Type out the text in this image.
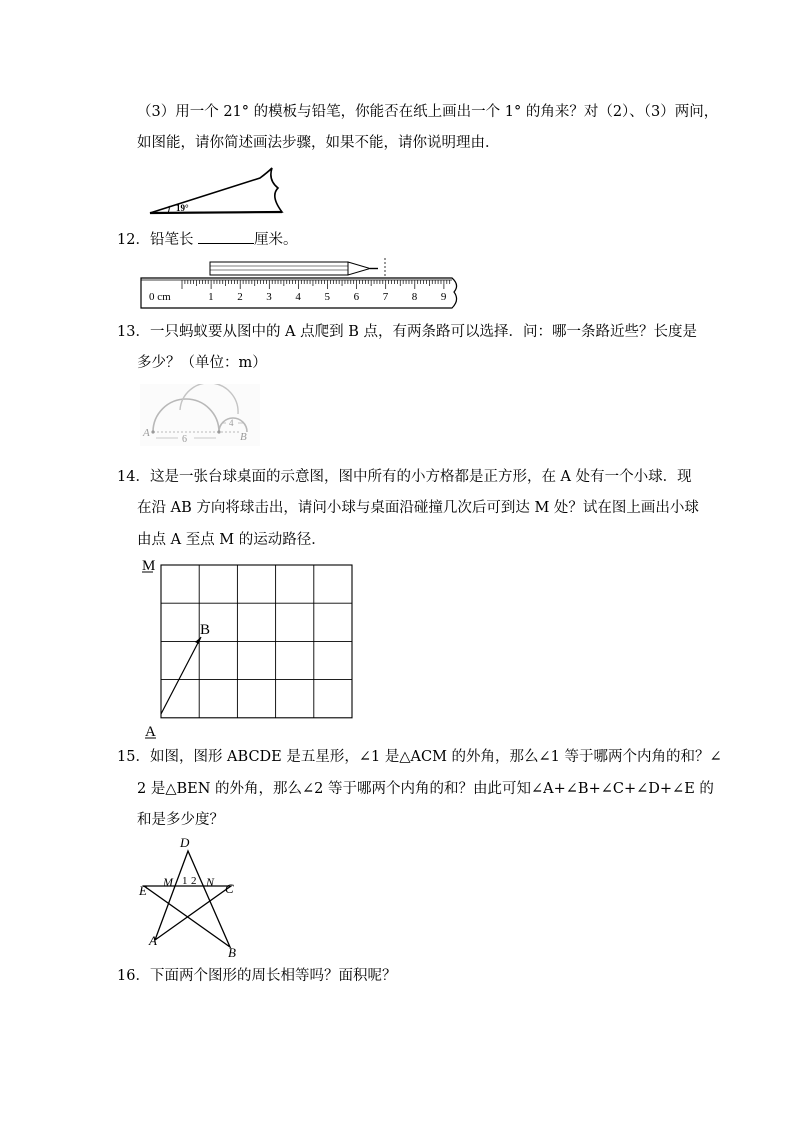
（3）用一个 21° 的模板与铅笔，你能否在纸上画出一个 1° 的角来？对（2）、（3）两问，
如图能，请你简述画法步骤，如果不能，请你说明理由．
19°
12．铅笔长	厘米。
0 cm	1 2 3 4 5 6 7 8 9
13．一只蚂蚁要从图中的 A 点爬到 B 点，有两条路可以选择．问：哪一条路近些？长度是
多少？（单位：m）
A	B
6
4
14．这是一张台球桌面的示意图，图中所有的小方格都是正方形，在 A 处有一个小球．现
在沿 AB 方向将球击出，请问小球与桌面沿碰撞几次后可到达 M 处？试在图上画出小球
由点 A 至点 M 的运动路径．
M
B
A
15．如图，图形 ABCDE 是五星形，∠1 是△ACM 的外角，那么∠1 等于哪两个内角的和？∠
2 是△BEN 的外角，那么∠2 等于哪两个内角的和？由此可知∠A+∠B+∠C+∠D+∠E 的
和是多少度？
D
E
M 1 2 N C
A
B
16．下面两个图形的周长相等吗？面积呢？
